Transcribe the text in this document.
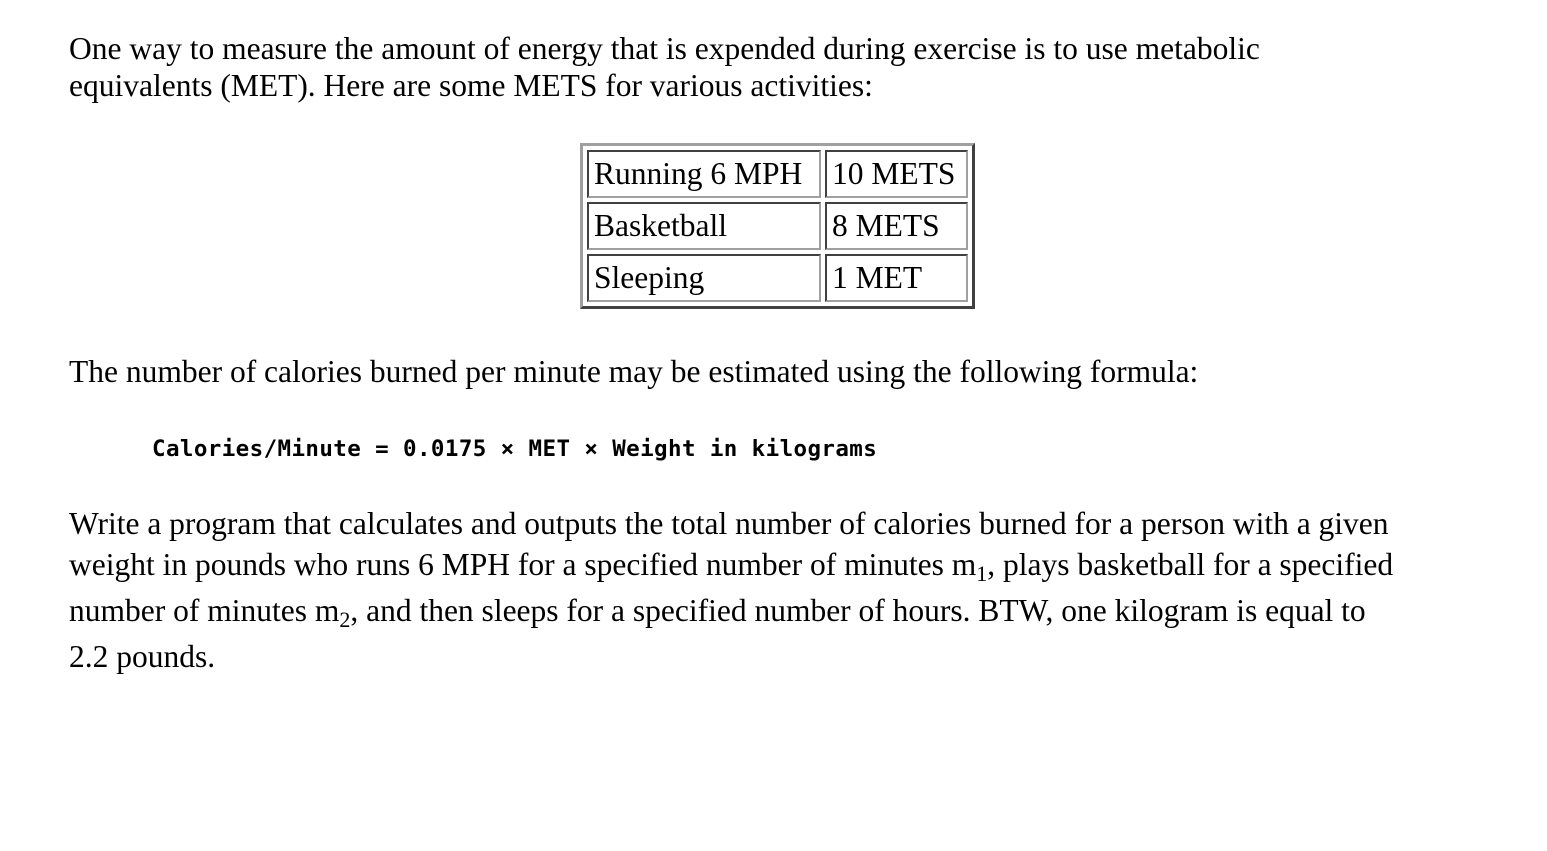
One way to measure the amount of energy that is expended during exercise is to use metabolic
equivalents (MET). Here are some METS for various activities:

Running 6 MPH	10 METS
Basketball	8 METS
Sleeping	1 MET

The number of calories burned per minute may be estimated using the following formula:

Calories/Minute = 0.0175 × MET × Weight in kilograms

Write a program that calculates and outputs the total number of calories burned for a person with a given
weight in pounds who runs 6 MPH for a specified number of minutes $m_1$, plays basketball for a specified
number of minutes $m_2$, and then sleeps for a specified number of hours. BTW, one kilogram is equal to
2.2 pounds.
